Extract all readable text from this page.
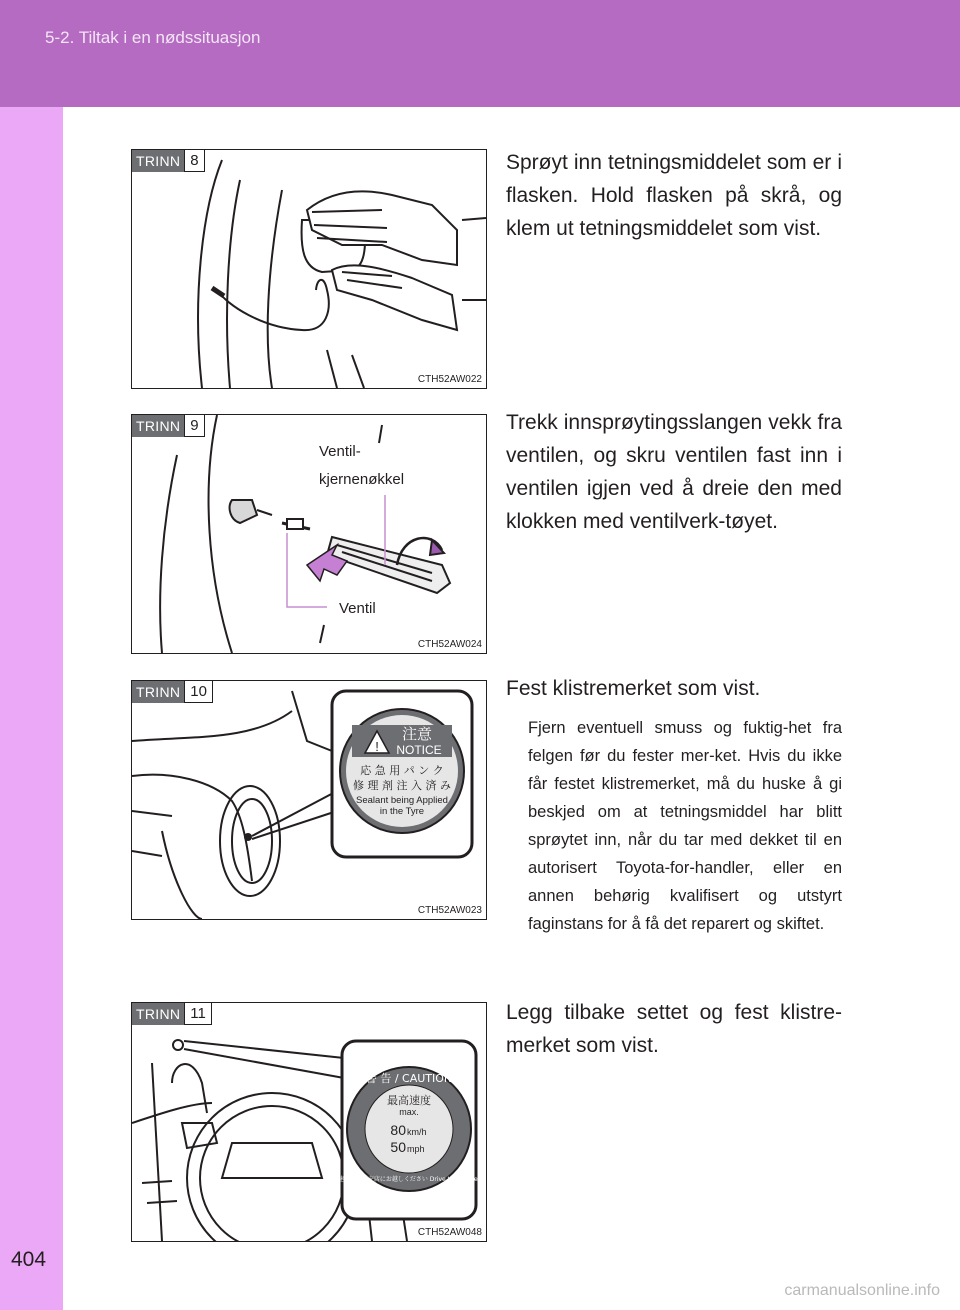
5-2. Tiltak i en nødssituasjon
404
TRINN 8
CTH52AW022
Sprøyt inn tetningsmiddelet som er i flasken. Hold flasken på skrå, og klem ut tetningsmiddelet som vist.
TRINN 9
Ventil-
kjernenøkkel
Ventil
CTH52AW024
Trekk innsprøytingsslangen vekk fra ventilen, og skru ventilen fast inn i ventilen igjen ved å dreie den med klokken med ventilverk-tøyet.
!
注意
NOTICE
応 急 用 パ ン ク
修 理 剤 注 入 済 み
Sealant being Applied
in the Tyre
TRINN 10
CTH52AW023
Fest klistremerket som vist.
Fjern eventuell smuss og fuktig-het fra felgen før du fester mer-ket. Hvis du ikke får festet klistremerket, må du huske å gi beskjed om at tetningsmiddel har blitt sprøytet inn, når du tar med dekket til en autorisert Toyota-for-handler, eller en annen behørig kvalifisert og utstyrt faginstans for å få det reparert og skiftet.
警 告 / CAUTION
最高速度
max.
80 km/h
50 mph
速やかに販売店にお越しください Drive to a dealer
TRINN 11
CTH52AW048
Legg tilbake settet og fest klistre-merket som vist.
carmanualsonline.info
